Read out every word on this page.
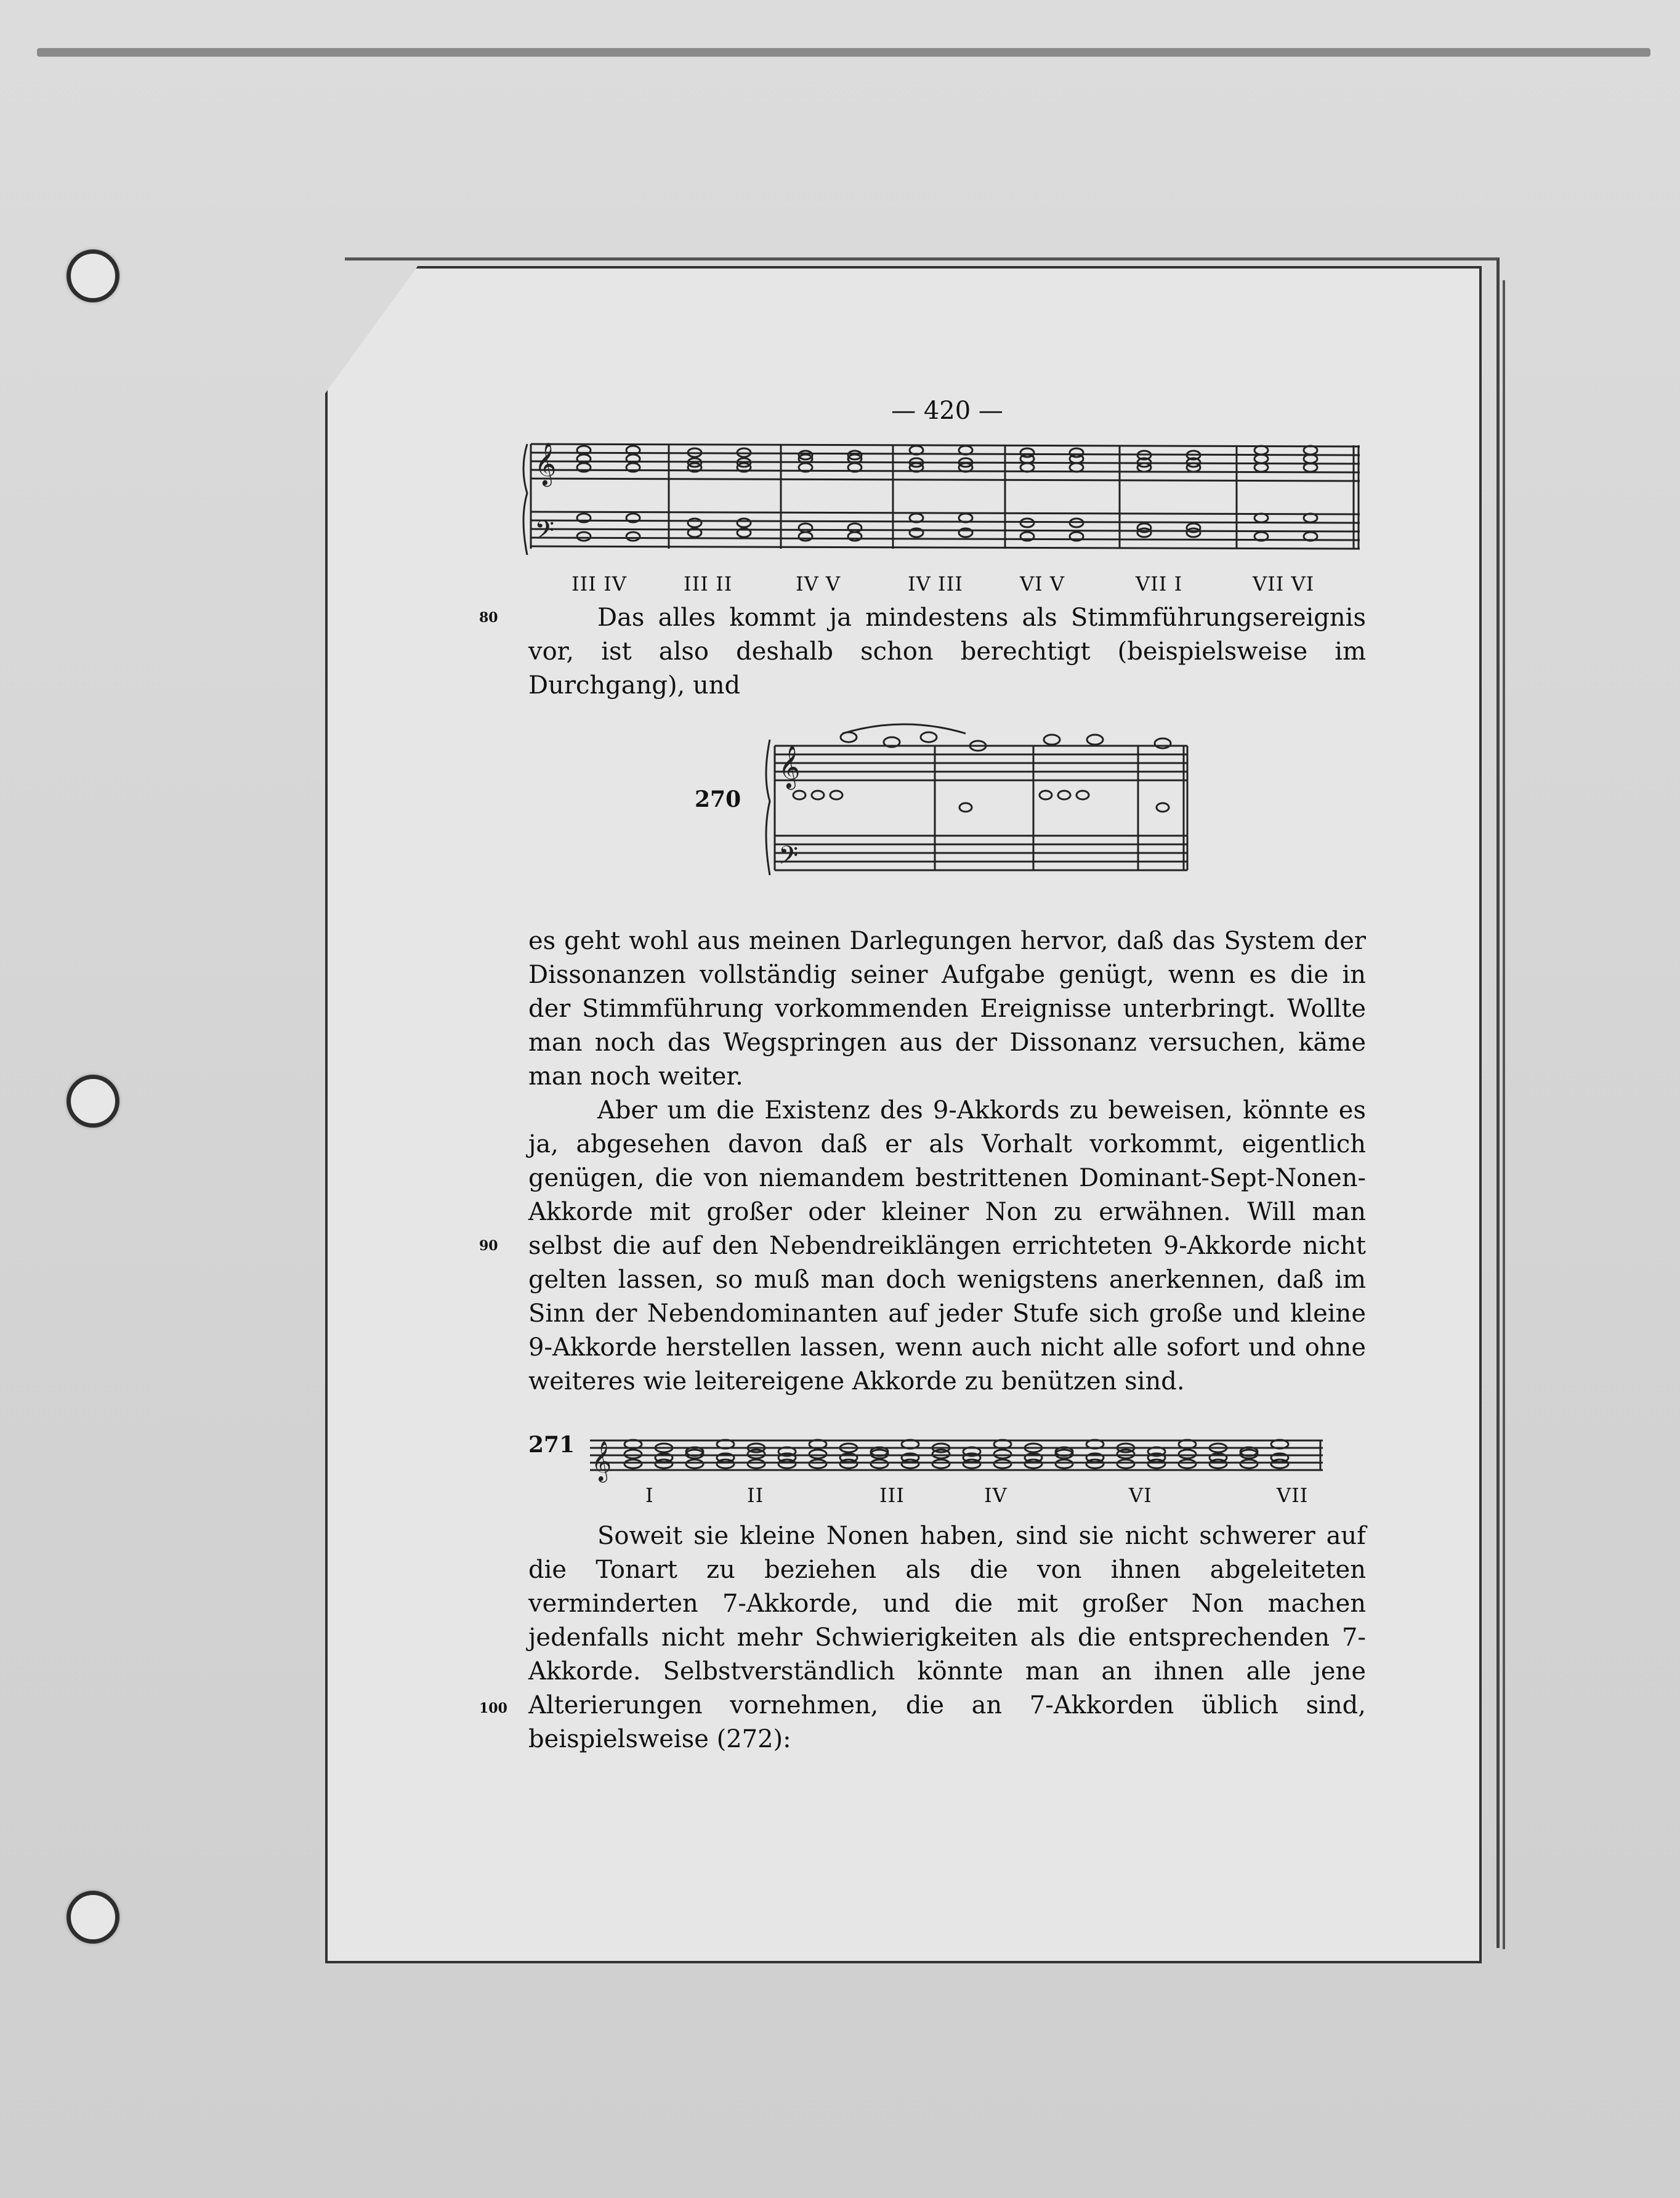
— 420 —
𝄞
𝄢
III IV	III II	IV V	IV III	VI V	VII I	VII VI
80	Das alles kommt ja mindestens als Stimmführungsereignis vor, ist also deshalb schon berechtigt (beispielsweise im Durchgang), und

270
𝄞
𝄢

es geht wohl aus meinen Darlegungen hervor, daß das System der Dissonanzen vollständig seiner Aufgabe genügt, wenn es die in der Stimmführung vorkommenden Ereignisse unterbringt. Wollte man noch das Wegspringen aus der Dissonanz versuchen, käme man noch weiter.

90

Aber um die Existenz des 9-Akkords zu beweisen, könnte es ja, abgesehen davon daß er als Vorhalt vorkommt, eigentlich genügen, die von niemandem bestrittenen Dominant-Sept-Nonen-Akkorde mit großer oder kleiner Non zu erwähnen. Will man selbst die auf den Nebendreiklängen errichteten 9-Akkorde nicht gelten lassen, so muß man doch wenigstens anerkennen, daß im Sinn der Nebendominanten auf jeder Stufe sich große und kleine 9-Akkorde herstellen lassen, wenn auch nicht alle sofort und ohne weiteres wie leitereigene Akkorde zu benützen sind.

271 𝄞
I	II	III	IV	VI	VII
100

Soweit sie kleine Nonen haben, sind sie nicht schwerer auf die Tonart zu beziehen als die von ihnen abgeleiteten verminderten 7-Akkorde, und die mit großer Non machen jedenfalls nicht mehr Schwierigkeiten als die entsprechenden 7-Akkorde. Selbstverständlich könnte man an ihnen alle jene Alterierungen vornehmen, die an 7-Akkorden üblich sind, beispielsweise (272):
